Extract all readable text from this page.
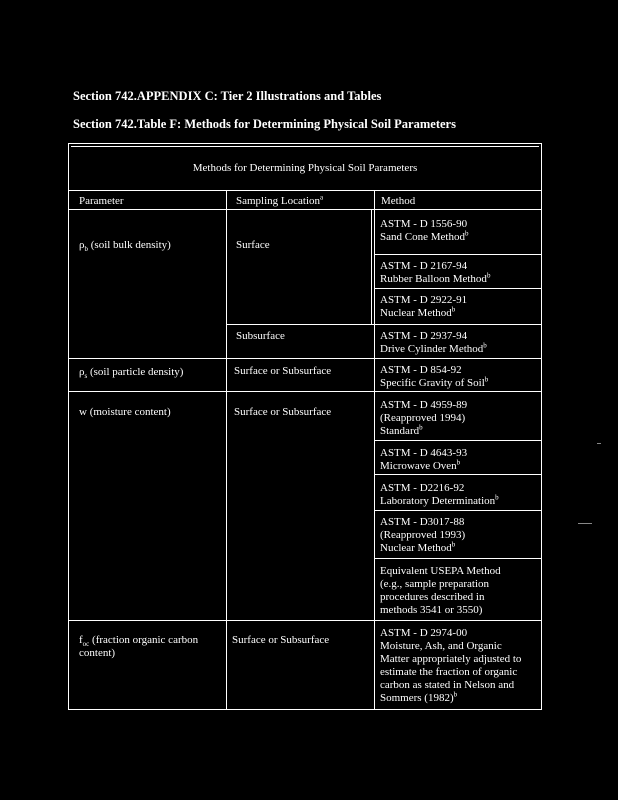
Section 742.APPENDIX C: Tier 2 Illustrations and Tables
Section 742.Table F: Methods for Determining Physical Soil Parameters
Methods for Determining Physical Soil Parameters
Parameter	Sampling Location$^a$	Method
$\rho_b$ (soil bulk density)
$\rho_s$ (soil particle density)
w (moisture content)
$f_{oc}$ (fraction organic carbon content)
Surface
Subsurface
Surface or Subsurface
Surface or Subsurface
Surface or Subsurface
ASTM - D 1556-90
Sand Cone Method$^b$
ASTM - D 2167-94
Rubber Balloon Method$^b$
ASTM - D 2922-91
Nuclear Method$^b$
ASTM - D 2937-94
Drive Cylinder Method$^b$
ASTM - D 854-92
Specific Gravity of Soil$^b$
ASTM - D 4959-89
(Reapproved 1994)
Standard$^b$
ASTM - D 4643-93
Microwave Oven$^b$
ASTM - D2216-92
Laboratory Determination$^b$
ASTM - D3017-88
(Reapproved 1993)
Nuclear Method$^b$
Equivalent USEPA Method
(e.g., sample preparation
procedures described in
methods 3541 or 3550)
ASTM - D 2974-00
Moisture, Ash, and Organic
Matter appropriately adjusted to
estimate the fraction of organic
carbon as stated in Nelson and
Sommers $(1982)^b$
